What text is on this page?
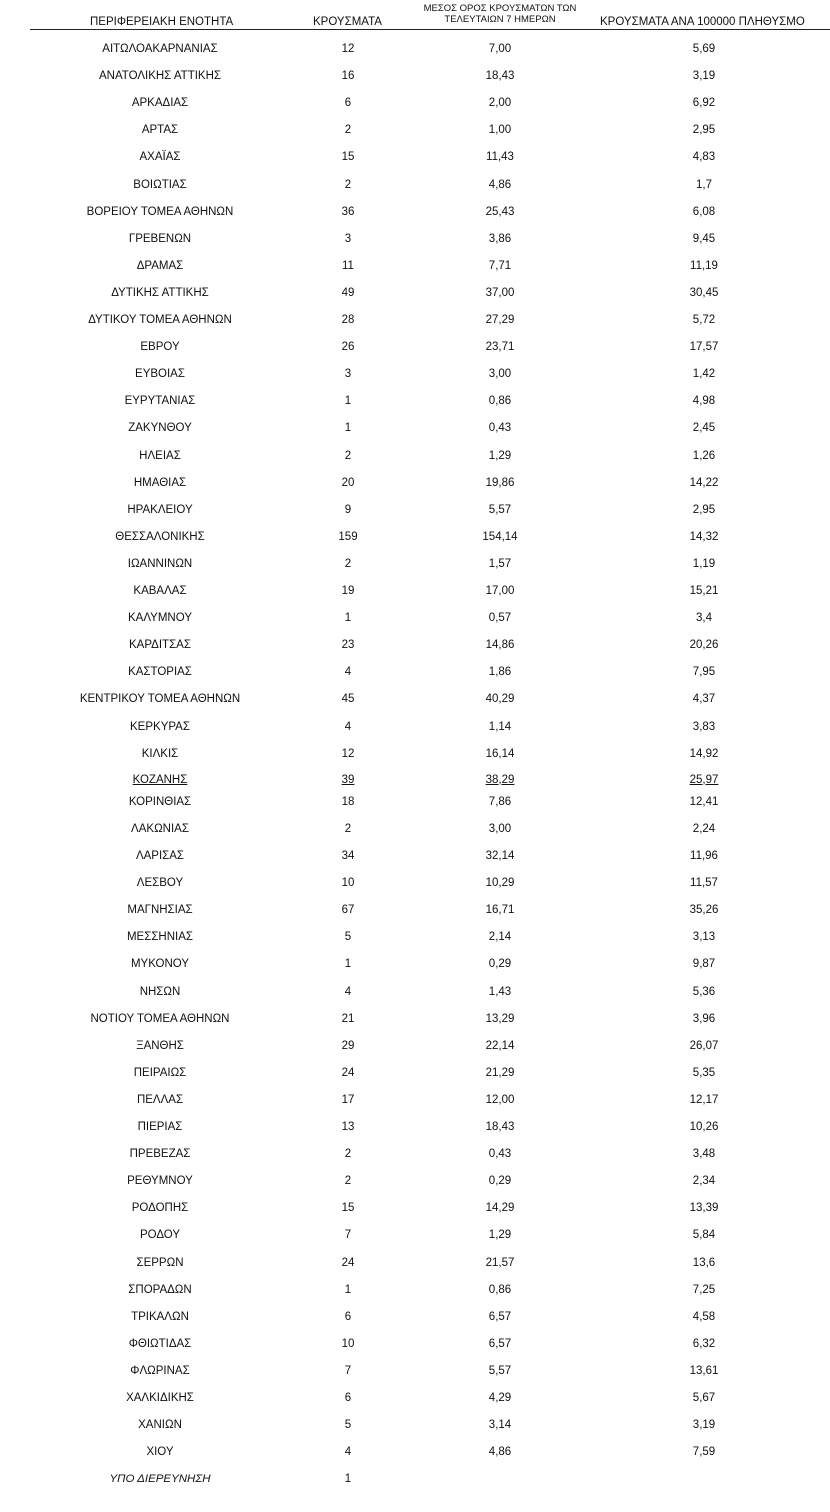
ΠΕΡΙΦΕΡΕΙΑΚΗ ΕΝΟΤΗΤΑ	ΚΡΟΥΣΜΑΤΑ
ΜΕΣΟΣ ΟΡΟΣ ΚΡΟΥΣΜΑΤΩΝ ΤΩΝ
ΤΕΛΕΥΤΑΙΩΝ 7 ΗΜΕΡΩΝ	ΚΡΟΥΣΜΑΤΑ ΑΝΑ 100000 ΠΛΗΘΥΣΜΟ
ΑΙΤΩΛΟΑΚΑΡΝΑΝΙΑΣ	12	7,00	5,69
ΑΝΑΤΟΛΙΚΗΣ ΑΤΤΙΚΗΣ	16	18,43	3,19
ΑΡΚΑΔΙΑΣ	6	2,00	6,92
ΑΡΤΑΣ	2	1,00	2,95
ΑΧΑΪΑΣ	15	11,43	4,83
ΒΟΙΩΤΙΑΣ	2	4,86	1,7
ΒΟΡΕΙΟΥ ΤΟΜΕΑ ΑΘΗΝΩΝ	36	25,43	6,08
ΓΡΕΒΕΝΩΝ	3	3,86	9,45
ΔΡΑΜΑΣ	11	7,71	11,19
ΔΥΤΙΚΗΣ ΑΤΤΙΚΗΣ	49	37,00	30,45
ΔΥΤΙΚΟΥ ΤΟΜΕΑ ΑΘΗΝΩΝ	28	27,29	5,72
ΕΒΡΟΥ	26	23,71	17,57
ΕΥΒΟΙΑΣ	3	3,00	1,42
ΕΥΡΥΤΑΝΙΑΣ	1	0,86	4,98
ΖΑΚΥΝΘΟΥ	1	0,43	2,45
ΗΛΕΙΑΣ	2	1,29	1,26
ΗΜΑΘΙΑΣ	20	19,86	14,22
ΗΡΑΚΛΕΙΟΥ	9	5,57	2,95
ΘΕΣΣΑΛΟΝΙΚΗΣ	159	154,14	14,32
ΙΩΑΝΝΙΝΩΝ	2	1,57	1,19
ΚΑΒΑΛΑΣ	19	17,00	15,21
ΚΑΛΥΜΝΟΥ	1	0,57	3,4
ΚΑΡΔΙΤΣΑΣ	23	14,86	20,26
ΚΑΣΤΟΡΙΑΣ	4	1,86	7,95
ΚΕΝΤΡΙΚΟΥ ΤΟΜΕΑ ΑΘΗΝΩΝ	45	40,29	4,37
ΚΕΡΚΥΡΑΣ	4	1,14	3,83
ΚΙΛΚΙΣ	12	16,14	14,92
ΚΟΖΑΝΗΣ	39	38,29	25,97
ΚΟΡΙΝΘΙΑΣ	18	7,86	12,41
ΛΑΚΩΝΙΑΣ	2	3,00	2,24
ΛΑΡΙΣΑΣ	34	32,14	11,96
ΛΕΣΒΟΥ	10	10,29	11,57
ΜΑΓΝΗΣΙΑΣ	67	16,71	35,26
ΜΕΣΣΗΝΙΑΣ	5	2,14	3,13
ΜΥΚΟΝΟΥ	1	0,29	9,87
ΝΗΣΩΝ	4	1,43	5,36
ΝΟΤΙΟΥ ΤΟΜΕΑ ΑΘΗΝΩΝ	21	13,29	3,96
ΞΑΝΘΗΣ	29	22,14	26,07
ΠΕΙΡΑΙΩΣ	24	21,29	5,35
ΠΕΛΛΑΣ	17	12,00	12,17
ΠΙΕΡΙΑΣ	13	18,43	10,26
ΠΡΕΒΕΖΑΣ	2	0,43	3,48
ΡΕΘΥΜΝΟΥ	2	0,29	2,34
ΡΟΔΟΠΗΣ	15	14,29	13,39
ΡΟΔΟΥ	7	1,29	5,84
ΣΕΡΡΩΝ	24	21,57	13,6
ΣΠΟΡΑΔΩΝ	1	0,86	7,25
ΤΡΙΚΑΛΩΝ	6	6,57	4,58
ΦΘΙΩΤΙΔΑΣ	10	6,57	6,32
ΦΛΩΡΙΝΑΣ	7	5,57	13,61
ΧΑΛΚΙΔΙΚΗΣ	6	4,29	5,67
ΧΑΝΙΩΝ	5	3,14	3,19
ΧΙΟΥ	4	4,86	7,59
ΥΠΟ ΔΙΕΡΕΥΝΗΣΗ	1
